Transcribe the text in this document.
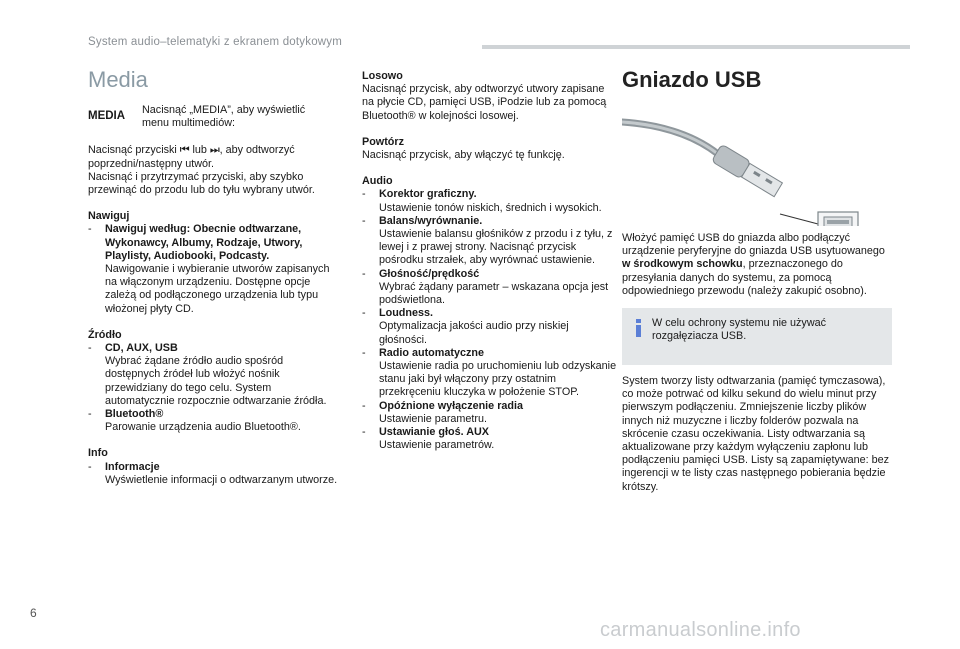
System audio–telematyki z ekranem dotykowym
Media
MEDIA	Nacisnąć „MEDIA”, aby wyświetlić menu multimediów:

Nacisnąć przyciski ⏮ lub ⏭, aby odtworzyć poprzedni/następny utwór.

Nacisnąć i przytrzymać przyciski, aby szybko przewinąć do przodu lub do tyłu wybrany utwór.

Nawiguj

- Nawiguj według: Obecnie odtwarzane, Wykonawcy, Albumy, Rodzaje, Utwory, Playlisty, Audiobooki, Podcasty.

Nawigowanie i wybieranie utworów zapisanych na włączonym urządzeniu. Dostępne opcje zależą od podłączonego urządzenia lub typu włożonej płyty CD.

Źródło

- CD, AUX, USB

Wybrać żądane źródło audio spośród dostępnych źródeł lub włożyć nośnik przewidziany do tego celu. System automatycznie rozpocznie odtwarzanie źródła.

- Bluetooth®

Parowanie urządzenia audio Bluetooth®.

Info

- Informacje

Wyświetlenie informacji o odtwarzanym utworze.

Losowo

Nacisnąć przycisk, aby odtworzyć utwory zapisane na płycie CD, pamięci USB, iPodzie lub za pomocą Bluetooth® w kolejności losowej.

Powtórz

Nacisnąć przycisk, aby włączyć tę funkcję.

Audio

- Korektor graficzny.

Ustawienie tonów niskich, średnich i wysokich.

- Balans/wyrównanie.

Ustawienie balansu głośników z przodu i z tyłu, z lewej i z prawej strony. Nacisnąć przycisk pośrodku strzałek, aby wyrównać ustawienie.

- Głośność/prędkość

Wybrać żądany parametr – wskazana opcja jest podświetlona.

- Loudness.

Optymalizacja jakości audio przy niskiej głośności.

- Radio automatyczne

Ustawienie radia po uruchomieniu lub odzyskanie stanu jaki był włączony przy ostatnim przekręceniu kluczyka w położenie STOP.

- Opóźnione wyłączenie radia

Ustawienie parametru.

- Ustawianie głoś. AUX

Ustawienie parametrów.

Gniazdo USB

Włożyć pamięć USB do gniazda albo podłączyć urządzenie peryferyjne do gniazda USB usytuowanego w środkowym schowku, przeznaczonego do przesyłania danych do systemu, za pomocą odpowiedniego przewodu (należy zakupić osobno).

W celu ochrony systemu nie używać rozgałęziacza USB.

System tworzy listy odtwarzania (pamięć tymczasowa), co może potrwać od kilku sekund do wielu minut przy pierwszym podłączeniu. Zmniejszenie liczby plików innych niż muzyczne i liczby folderów pozwala na skrócenie czasu oczekiwania. Listy odtwarzania są aktualizowane przy każdym wyłączeniu zapłonu lub podłączeniu pamięci USB. Listy są zapamiętywane: bez ingerencji w te listy czas następnego pobierania będzie krótszy.

6
carmanualsonline.info
